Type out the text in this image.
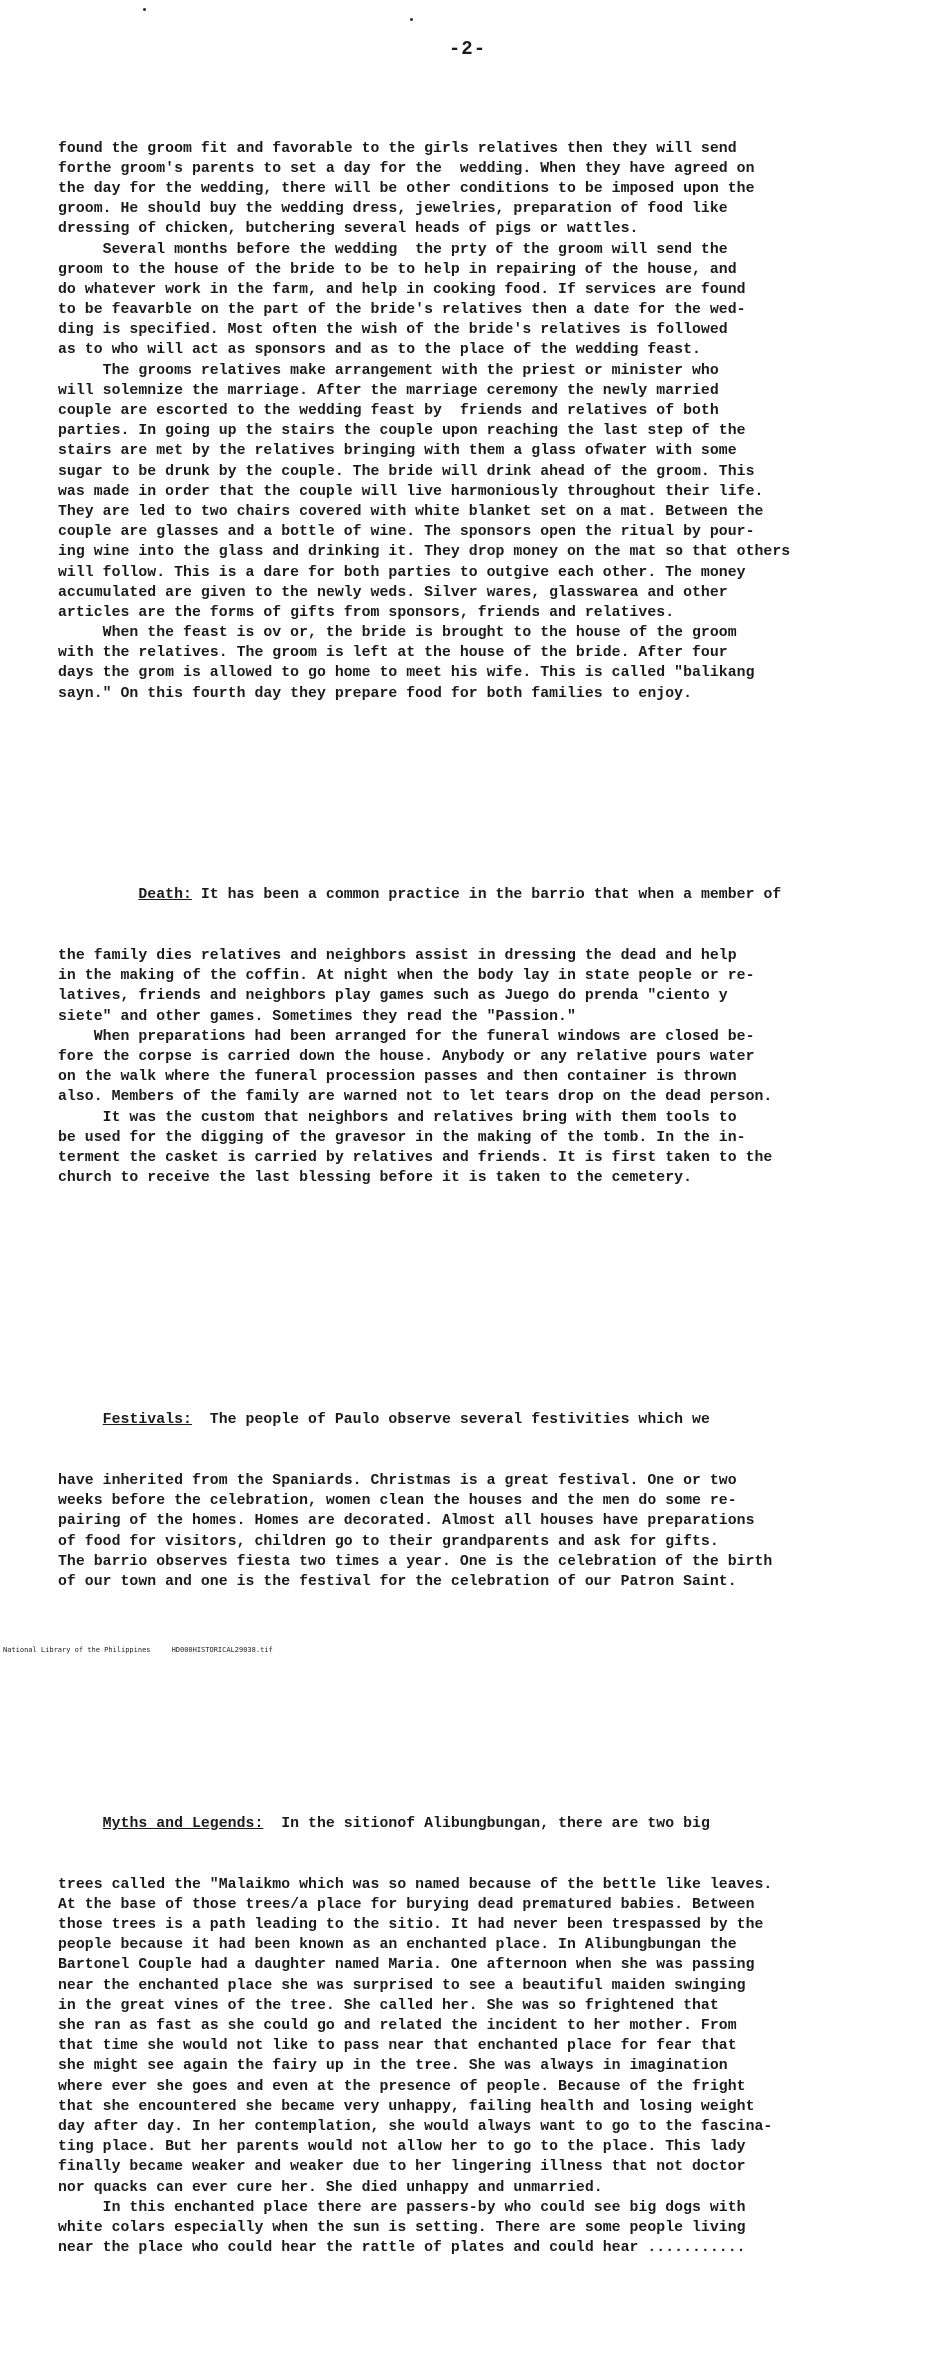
-2-

found the groom fit and favorable to the girls relatives then they will send
forthe groom's parents to set a day for the  wedding. When they have agreed on
the day for the wedding, there will be other conditions to be imposed upon the
groom. He should buy the wedding dress, jewelries, preparation of food like
dressing of chicken, butchering several heads of pigs or wattles.
Several months before the wedding  the prty of the groom will send the
groom to the house of the bride to be to help in repairing of the house, and
do whatever work in the farm, and help in cooking food. If services are found
to be feavarble on the part of the bride's relatives then a date for the wed-
ding is specified. Most often the wish of the bride's relatives is followed
as to who will act as sponsors and as to the place of the wedding feast.
The grooms relatives make arrangement with the priest or minister who
will solemnize the marriage. After the marriage ceremony the newly married
couple are escorted to the wedding feast by  friends and relatives of both
parties. In going up the stairs the couple upon reaching the last step of the
stairs are met by the relatives bringing with them a glass ofwater with some
sugar to be drunk by the couple. The bride will drink ahead of the groom. This
was made in order that the couple will live harmoniously throughout their life.
They are led to two chairs covered with white blanket set on a mat. Between the
couple are glasses and a bottle of wine. The sponsors open the ritual by pour-
ing wine into the glass and drinking it. They drop money on the mat so that others
will follow. This is a dare for both parties to outgive each other. The money
accumulated are given to the newly weds. Silver wares, glasswarea and other
articles are the forms of gifts from sponsors, friends and relatives.
When the feast is ov or, the bride is brought to the house of the groom
with the relatives. The groom is left at the house of the bride. After four
days the grom is allowed to go home to meet his wife. This is called "balikang
sayn." On this fourth day they prepare food for both families to enjoy.

Death: It has been a common practice in the barrio that when a member of

the family dies relatives and neighbors assist in dressing the dead and help
in the making of the coffin. At night when the body lay in state people or re-
latives, friends and neighbors play games such as Juego do prenda "ciento y
siete" and other games. Sometimes they read the "Passion."
When preparations had been arranged for the funeral windows are closed be-
fore the corpse is carried down the house. Anybody or any relative pours water
on the walk where the funeral procession passes and then container is thrown
also. Members of the family are warned not to let tears drop on the dead person.
It was the custom that neighbors and relatives bring with them tools to
be used for the digging of the gravesor in the making of the tomb. In the in-
terment the casket is carried by relatives and friends. It is first taken to the
church to receive the last blessing before it is taken to the cemetery.

Festivals:  The people of Paulo observe several festivities which we

have inherited from the Spaniards. Christmas is a great festival. One or two
weeks before the celebration, women clean the houses and the men do some re-
pairing of the homes. Homes are decorated. Almost all houses have preparations
of food for visitors, children go to their grandparents and ask for gifts.
The barrio observes fiesta two times a year. One is the celebration of the birth
of our town and one is the festival for the celebration of our Patron Saint.

Myths and Legends:  In the sitionof Alibungbungan, there are two big

trees called the "Malaikmo which was so named because of the bettle like leaves.
At the base of those trees/a place for burying dead prematured babies. Between
those trees is a path leading to the sitio. It had never been trespassed by the
people because it had been known as an enchanted place. In Alibungbungan the
Bartonel Couple had a daughter named Maria. One afternoon when she was passing
near the enchanted place she was surprised to see a beautiful maiden swinging
in the great vines of the tree. She called her. She was so frightened that
she ran as fast as she could go and related the incident to her mother. From
that time she would not like to pass near that enchanted place for fear that
she might see again the fairy up in the tree. She was always in imagination
where ever she goes and even at the presence of people. Because of the fright
that she encountered she became very unhappy, failing health and losing weight
day after day. In her contemplation, she would always want to go to the fascina-
ting place. But her parents would not allow her to go to the place. This lady
finally became weaker and weaker due to her lingering illness that not doctor
nor quacks can ever cure her. She died unhappy and unmarried.
In this enchanted place there are passers-by who could see big dogs with
white colars especially when the sun is setting. There are some people living
near the place who could hear the rattle of plates and could hear ...........

National Library of the Philippines     HD000HISTORICAL29038.tif
